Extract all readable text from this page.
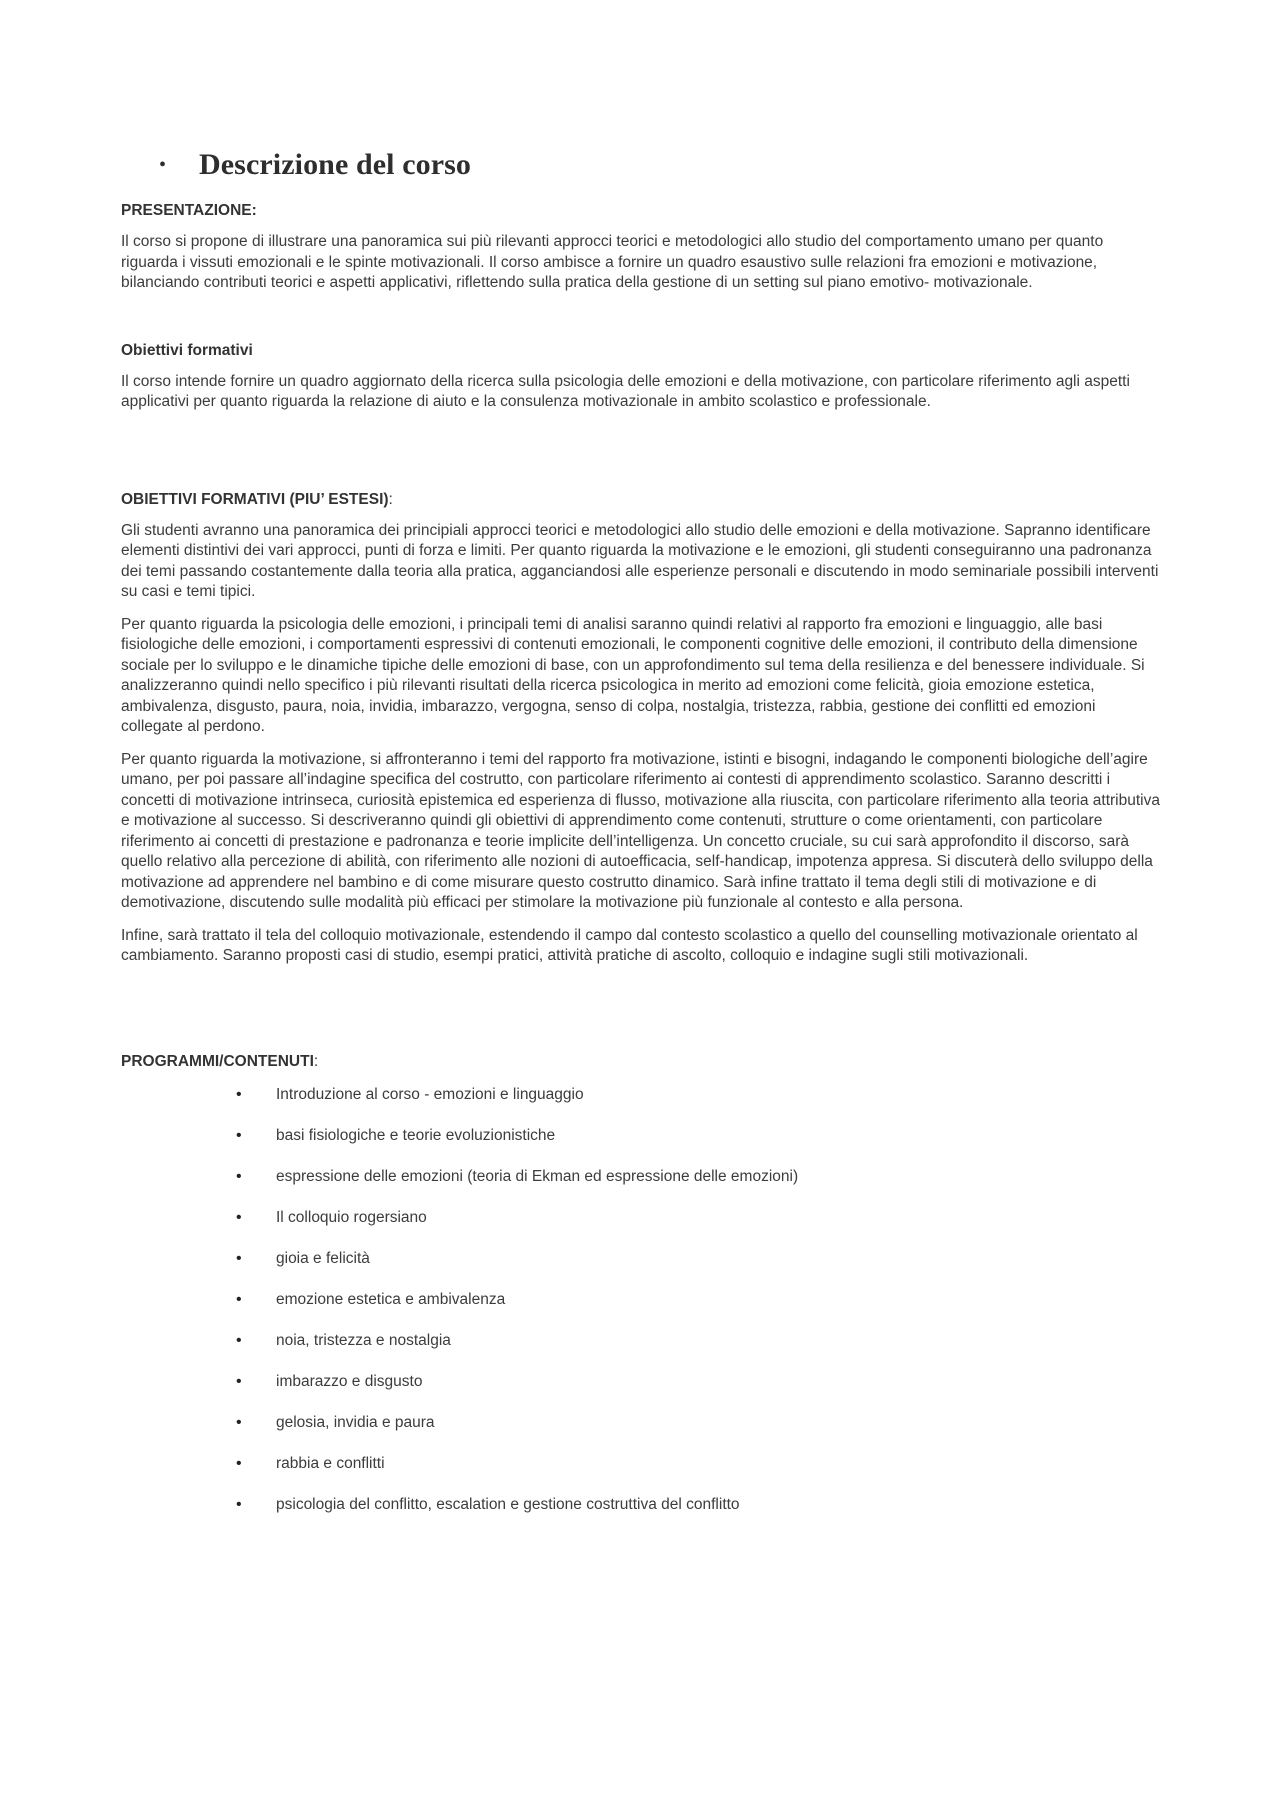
•	Descrizione del corso
PRESENTAZIONE:

Il corso si propone di illustrare una panoramica sui più rilevanti approcci teorici e metodologici allo studio del comportamento umano per quanto riguarda i vissuti emozionali e le spinte motivazionali. Il corso ambisce a fornire un quadro esaustivo sulle relazioni fra emozioni e motivazione, bilanciando contributi teorici e aspetti applicativi, riflettendo sulla pratica della gestione di un setting sul piano emotivo- motivazionale.

Obiettivi formativi

Il corso intende fornire un quadro aggiornato della ricerca sulla psicologia delle emozioni e della motivazione, con particolare riferimento agli aspetti applicativi per quanto riguarda la relazione di aiuto e la consulenza motivazionale in ambito scolastico e professionale.

OBIETTIVI FORMATIVI (PIU’ ESTESI):

Gli studenti avranno una panoramica dei principiali approcci teorici e metodologici allo studio delle emozioni e della motivazione. Sapranno identificare elementi distintivi dei vari approcci, punti di forza e limiti. Per quanto riguarda la motivazione e le emozioni, gli studenti conseguiranno una padronanza dei temi passando costantemente dalla teoria alla pratica, agganciandosi alle esperienze personali e discutendo in modo seminariale possibili interventi su casi e temi tipici.

Per quanto riguarda la psicologia delle emozioni, i principali temi di analisi saranno quindi relativi al rapporto fra emozioni e linguaggio, alle basi fisiologiche delle emozioni, i comportamenti espressivi di contenuti emozionali, le componenti cognitive delle emozioni, il contributo della dimensione sociale per lo sviluppo e le dinamiche tipiche delle emozioni di base, con un approfondimento sul tema della resilienza e del benessere individuale. Si analizzeranno quindi nello specifico i più rilevanti risultati della ricerca psicologica in merito ad emozioni come felicità, gioia emozione estetica, ambivalenza, disgusto, paura, noia, invidia, imbarazzo, vergogna, senso di colpa, nostalgia, tristezza, rabbia, gestione dei conflitti ed emozioni collegate al perdono.

Per quanto riguarda la motivazione, si affronteranno i temi del rapporto fra motivazione, istinti e bisogni, indagando le componenti biologiche dell’agire umano, per poi passare all’indagine specifica del costrutto, con particolare riferimento ai contesti di apprendimento scolastico. Saranno descritti i concetti di motivazione intrinseca, curiosità epistemica ed esperienza di flusso, motivazione alla riuscita, con particolare riferimento alla teoria attributiva e motivazione al successo. Si descriveranno quindi gli obiettivi di apprendimento come contenuti, strutture o come orientamenti, con particolare riferimento ai concetti di prestazione e padronanza e teorie implicite dell’intelligenza. Un concetto cruciale, su cui sarà approfondito il discorso, sarà quello relativo alla percezione di abilità, con riferimento alle nozioni di autoefficacia, self-handicap, impotenza appresa. Si discuterà dello sviluppo della motivazione ad apprendere nel bambino e di come misurare questo costrutto dinamico. Sarà infine trattato il tema degli stili di motivazione e di demotivazione, discutendo sulle modalità più efficaci per stimolare la motivazione più funzionale al contesto e alla persona.

Infine, sarà trattato il tela del colloquio motivazionale, estendendo il campo dal contesto scolastico a quello del counselling motivazionale orientato al cambiamento. Saranno proposti casi di studio, esempi pratici, attività pratiche di ascolto, colloquio e indagine sugli stili motivazionali.

PROGRAMMI/CONTENUTI:
•	Introduzione al corso - emozioni e linguaggio
•	basi fisiologiche e teorie evoluzionistiche
•	espressione delle emozioni (teoria di Ekman ed espressione delle emozioni)
•	Il colloquio rogersiano
•	gioia e felicità
•	emozione estetica e ambivalenza
•	noia, tristezza e nostalgia
•	imbarazzo e disgusto
•	gelosia, invidia e paura
•	rabbia e conflitti
•	psicologia del conflitto, escalation e gestione costruttiva del conflitto
